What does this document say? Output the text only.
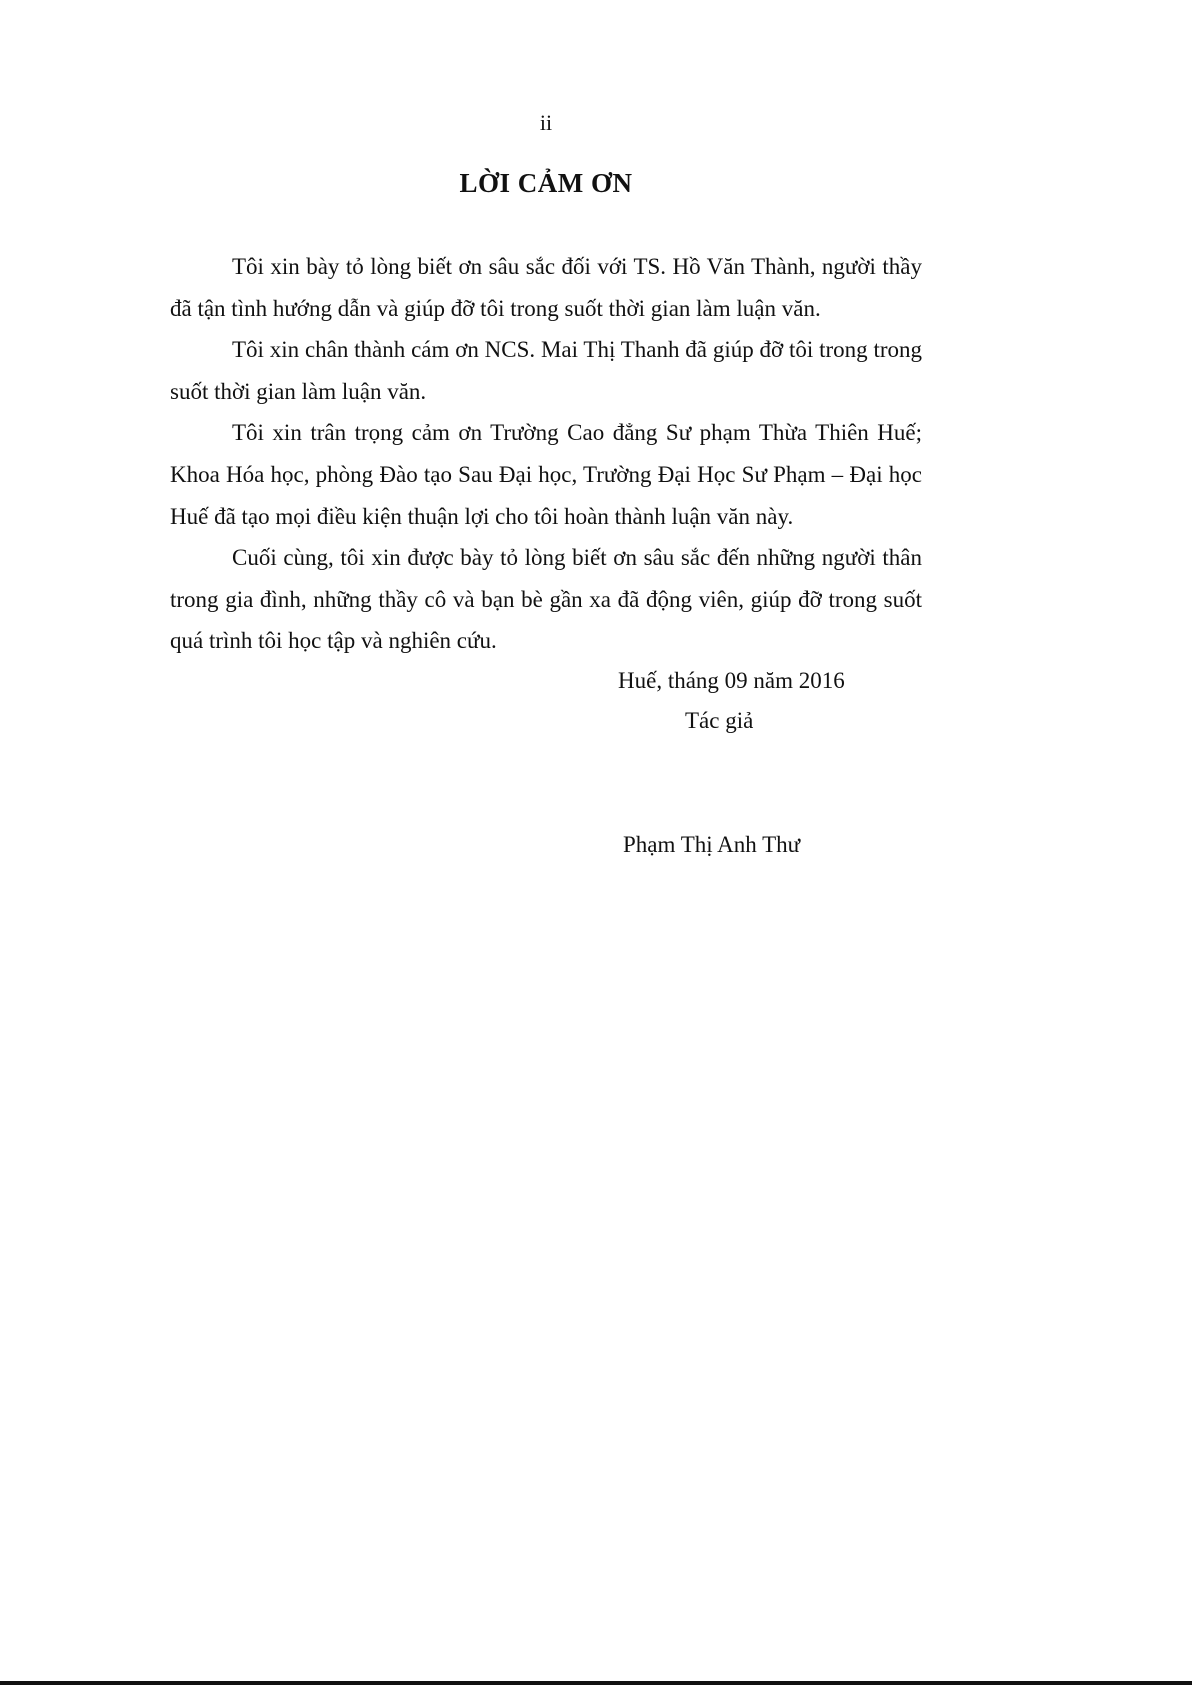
ii
LỜI CẢM ƠN

Tôi xin bày tỏ lòng biết ơn sâu sắc đối với TS. Hồ Văn Thành, người thầy đã tận tình hướng dẫn và giúp đỡ tôi trong suốt thời gian làm luận văn.

Tôi xin chân thành cám ơn NCS. Mai Thị Thanh đã giúp đỡ tôi trong trong suốt thời gian làm luận văn.

Tôi xin trân trọng cảm ơn Trường Cao đẳng Sư phạm Thừa Thiên Huế; Khoa Hóa học, phòng Đào tạo Sau Đại học, Trường Đại Học Sư Phạm – Đại học Huế đã tạo mọi điều kiện thuận lợi cho tôi hoàn thành luận văn này.

Cuối cùng, tôi xin được bày tỏ lòng biết ơn sâu sắc đến những người thân trong gia đình, những thầy cô và bạn bè gần xa đã động viên, giúp đỡ trong suốt quá trình tôi học tập và nghiên cứu.

Huế, tháng 09 năm 2016
Tác giả
Phạm Thị Anh Thư
